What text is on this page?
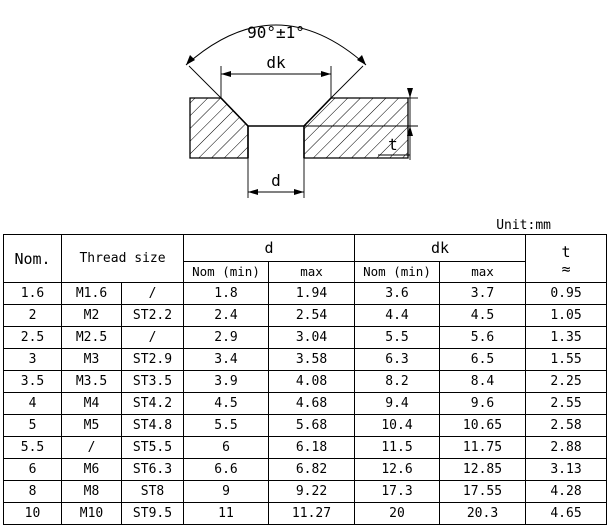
90°±1°
dk
d
t
Unit:mm
Nom.	Thread size		d		dk		t
≈

			Nom (min)	max	Nom (min)	max	
1.6	M1.6	/	1.8	1.94	3.6	3.7	0.95
2	M2	ST2.2	2.4	2.54	4.4	4.5	1.05
2.5	M2.5	/	2.9	3.04	5.5	5.6	1.35
3	M3	ST2.9	3.4	3.58	6.3	6.5	1.55
3.5	M3.5	ST3.5	3.9	4.08	8.2	8.4	2.25
4	M4	ST4.2	4.5	4.68	9.4	9.6	2.55
5	M5	ST4.8	5.5	5.68	10.4	10.65	2.58
5.5	/	ST5.5	6	6.18	11.5	11.75	2.88
6	M6	ST6.3	6.6	6.82	12.6	12.85	3.13
8	M8	ST8	9	9.22	17.3	17.55	4.28
10	M10	ST9.5	11	11.27	20	20.3	4.65
